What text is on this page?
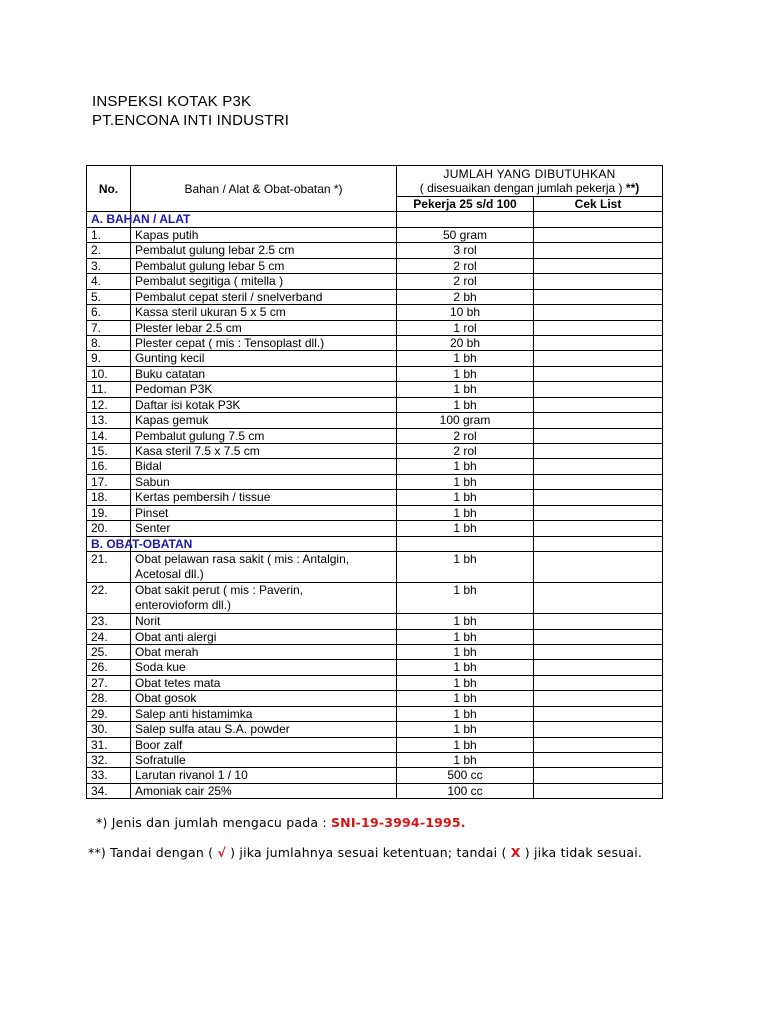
INSPEKSI KOTAK P3K
PT.ENCONA INTI INDUSTRI
No.	Bahan / Alat & Obat-obatan *)	JUMLAH YANG DIBUTUHKAN
( disesuaikan dengan jumlah pekerja ) **)	

		Pekerja 25 s/d 100	Cek List
A. BAHAN / ALAT			
1.	Kapas putih	50 gram	
2.	Pembalut gulung lebar 2.5 cm	3 rol	
3.	Pembalut gulung lebar 5 cm	2 rol	
4.	Pembalut segitiga ( mitella )	2 rol	
5.	Pembalut cepat steril / snelverband	2 bh	
6.	Kassa steril ukuran 5 x 5 cm	10 bh	
7.	Plester lebar 2.5 cm	1 rol	
8.	Plester cepat ( mis : Tensoplast dll.)	20 bh	
9.	Gunting kecil	1 bh	
10.	Buku catatan	1 bh	
11.	Pedoman P3K	1 bh	
12.	Daftar isi kotak P3K	1 bh	
13.	Kapas gemuk	100 gram	
14.	Pembalut gulung 7.5 cm	2 rol	
15.	Kasa steril 7.5 x 7.5 cm	2 rol	
16.	Bidal	1 bh	
17.	Sabun	1 bh	
18.	Kertas pembersih / tissue	1 bh	
19.	Pinset	1 bh	
20.	Senter	1 bh	
B. OBAT-OBATAN			
21.	Obat pelawan rasa sakit ( mis : Antalgin,
Acetosal dll.)	1 bh	
22.	Obat sakit perut ( mis : Paverin,
enterovioform dll.)	1 bh	
23.	Norit	1 bh	
24.	Obat anti alergi	1 bh	
25.	Obat merah	1 bh	
26.	Soda kue	1 bh	
27.	Obat tetes mata	1 bh	
28.	Obat gosok	1 bh	
29.	Salep anti histamimka	1 bh	
30.	Salep sulfa atau S.A. powder	1 bh	
31.	Boor zalf	1 bh	
32.	Sofratulle	1 bh	
33.	Larutan rivanol 1 / 10	500 cc	
34.	Amoniak cair 25%	100 cc	
*) Jenis dan jumlah mengacu pada : SNI-19-3994-1995.
**) Tandai dengan ( √ ) jika jumlahnya sesuai ketentuan; tandai ( X ) jika tidak sesuai.
